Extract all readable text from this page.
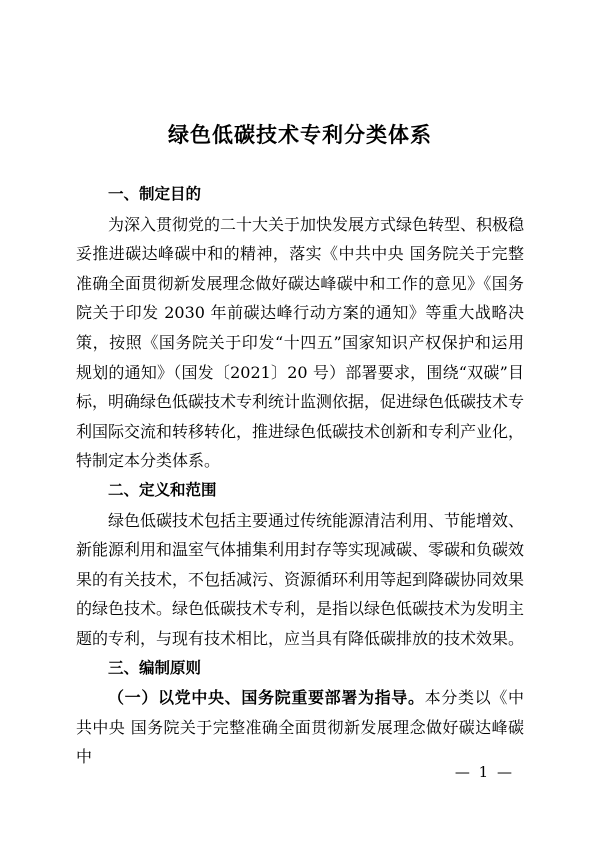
绿色低碳技术专利分类体系
一、制定目的

为深入贯彻党的二十大关于加快发展方式绿色转型、积极稳妥推进碳达峰碳中和的精神，落实《中共中央 国务院关于完整准确全面贯彻新发展理念做好碳达峰碳中和工作的意见》《国务院关于印发 2030 年前碳达峰行动方案的通知》等重大战略决策，按照《国务院关于印发“十四五”国家知识产权保护和运用规划的通知》（国发〔2021〕20 号）部署要求，围绕“双碳”目标，明确绿色低碳技术专利统计监测依据，促进绿色低碳技术专利国际交流和转移转化，推进绿色低碳技术创新和专利产业化，特制定本分类体系。

二、定义和范围

绿色低碳技术包括主要通过传统能源清洁利用、节能增效、新能源利用和温室气体捕集利用封存等实现减碳、零碳和负碳效果的有关技术，不包括减污、资源循环利用等起到降碳协同效果的绿色技术。绿色低碳技术专利，是指以绿色低碳技术为发明主题的专利，与现有技术相比，应当具有降低碳排放的技术效果。

三、编制原则

（一）以党中央、国务院重要部署为指导。本分类以《中共中央 国务院关于完整准确全面贯彻新发展理念做好碳达峰碳中

— 1 —
